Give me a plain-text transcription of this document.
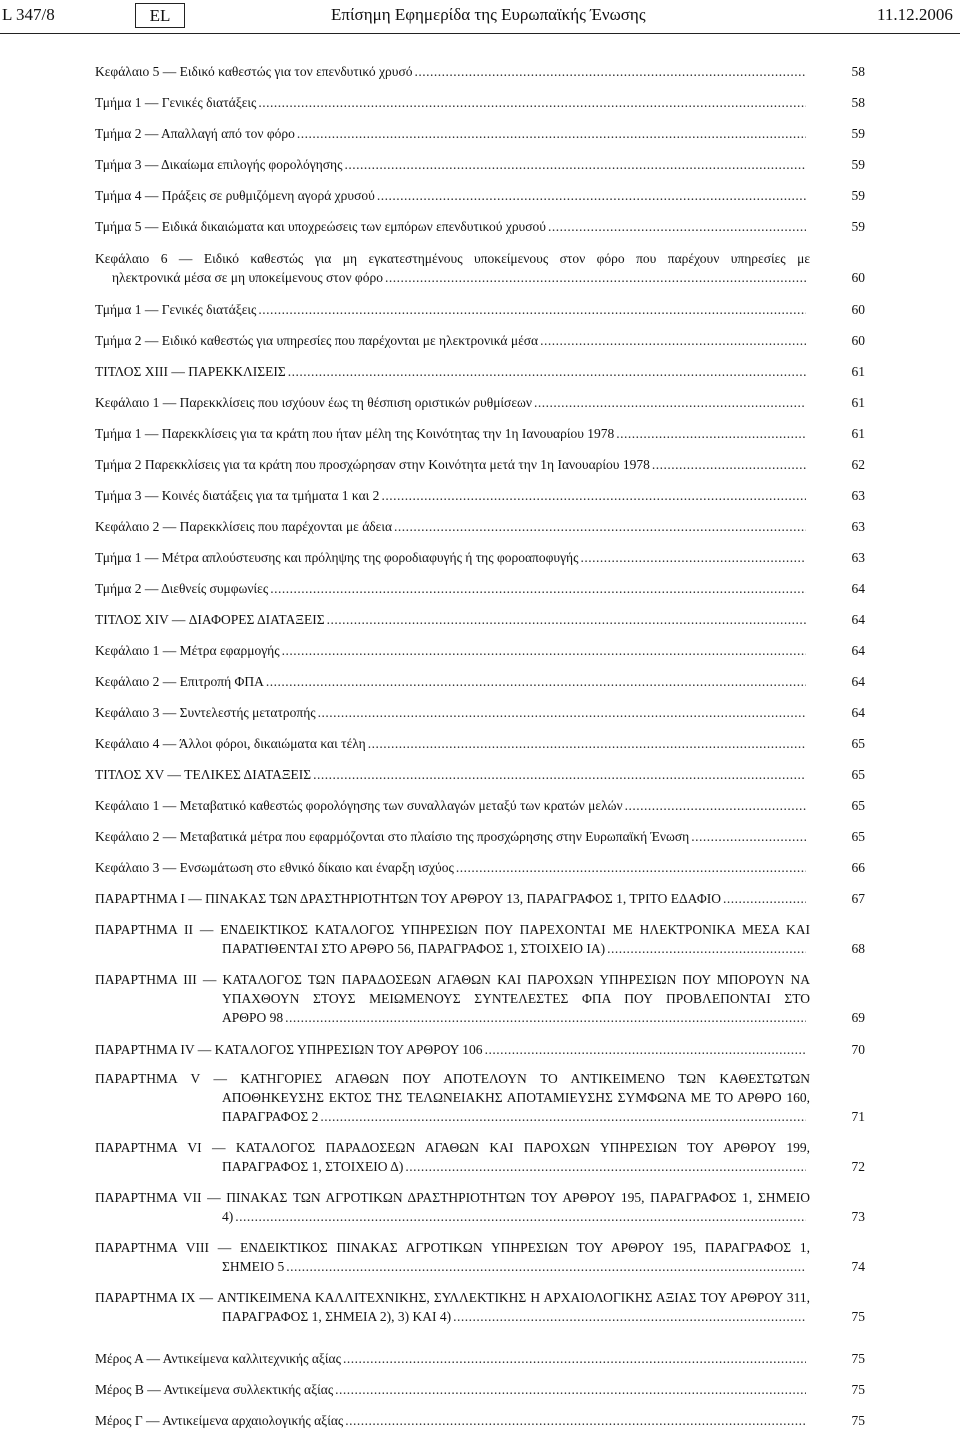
L 347/8	EL	Επίσημη Εφημερίδα της Ευρωπαϊκής Ένωσης	11.12.2006
Κεφάλαιο 5 — Ειδικό καθεστώς για τον επενδυτικό χρυσό .....	58
Τμήμα 1 — Γενικές διατάξεις .....	58
Τμήμα 2 — Απαλλαγή από τον φόρο .....	59
Τμήμα 3 — Δικαίωμα επιλογής φορολόγησης .....	59
Τμήμα 4 — Πράξεις σε ρυθμιζόμενη αγορά χρυσού .....	59
Τμήμα 5 — Ειδικά δικαιώματα και υποχρεώσεις των εμπόρων επενδυτικού χρυσού .....	59
Κεφάλαιο 6 — Ειδικό καθεστώς για μη εγκατεστημένους υποκείμενους στον φόρο που παρέχουν υπηρεσίες με
ηλεκτρονικά μέσα σε μη υποκείμενους στον φόρο .....	60
Τμήμα 1 — Γενικές διατάξεις .....	60
Τμήμα 2 — Ειδικό καθεστώς για υπηρεσίες που παρέχονται με ηλεκτρονικά μέσα .....	60
ΤΙΤΛΟΣ XIII — ΠΑΡΕΚΚΛΙΣΕΙΣ .....	61
Κεφάλαιο 1 — Παρεκκλίσεις που ισχύουν έως τη θέσπιση οριστικών ρυθμίσεων .....	61
Τμήμα 1 — Παρεκκλίσεις για τα κράτη που ήταν μέλη της Κοινότητας την 1η Ιανουαρίου 1978 .....	61
Τμήμα 2 Παρεκκλίσεις για τα κράτη που προσχώρησαν στην Κοινότητα μετά την 1η Ιανουαρίου 1978 .....	62
Τμήμα 3 — Κοινές διατάξεις για τα τμήματα 1 και 2 .....	63
Κεφάλαιο 2 — Παρεκκλίσεις που παρέχονται με άδεια .....	63
Τμήμα 1 — Μέτρα απλούστευσης και πρόληψης της φοροδιαφυγής ή της φοροαποφυγής .....	63
Τμήμα 2 — Διεθνείς συμφωνίες .....	64
ΤΙΤΛΟΣ XIV — ΔΙΑΦΟΡΕΣ ΔΙΑΤΑΞΕΙΣ .....	64
Κεφάλαιο 1 — Μέτρα εφαρμογής .....	64
Κεφάλαιο 2 — Επιτροπή ΦΠΑ .....	64
Κεφάλαιο 3 — Συντελεστής μετατροπής .....	64
Κεφάλαιο 4 — Άλλοι φόροι, δικαιώματα και τέλη .....	65
ΤΙΤΛΟΣ XV — ΤΕΛΙΚΕΣ ΔΙΑΤΑΞΕΙΣ .....	65
Κεφάλαιο 1 — Μεταβατικό καθεστώς φορολόγησης των συναλλαγών μεταξύ των κρατών μελών .....	65
Κεφάλαιο 2 — Μεταβατικά μέτρα που εφαρμόζονται στο πλαίσιο της προσχώρησης στην Ευρωπαϊκή Ένωση .....	65
Κεφάλαιο 3 — Ενσωμάτωση στο εθνικό δίκαιο και έναρξη ισχύος .....	66
ΠΑΡΑΡΤΗΜΑ I — ΠΙΝΑΚΑΣ ΤΩΝ ΔΡΑΣΤΗΡΙΟΤΗΤΩΝ ΤΟΥ ΑΡΘΡΟΥ 13, ΠΑΡΑΓΡΑΦΟΣ 1, ΤΡΙΤΟ ΕΔΑΦΙΟ .....	67
ΠΑΡΑΡΤΗΜΑ II — ΕΝΔΕΙΚΤΙΚΟΣ ΚΑΤΑΛΟΓΟΣ ΥΠΗΡΕΣΙΩΝ ΠΟΥ ΠΑΡΕΧΟΝΤΑΙ ΜΕ ΗΛΕΚΤΡΟΝΙΚΑ ΜΕΣΑ ΚΑΙ
ΠΑΡΑΤΙΘΕΝΤΑΙ ΣΤΟ ΑΡΘΡΟ 56, ΠΑΡΑΓΡΑΦΟΣ 1, ΣΤΟΙΧΕΙΟ ΙΑ) .....	68
ΠΑΡΑΡΤΗΜΑ III — ΚΑΤΑΛΟΓΟΣ ΤΩΝ ΠΑΡΑΔΟΣΕΩΝ ΑΓΑΘΩΝ ΚΑΙ ΠΑΡΟΧΩΝ ΥΠΗΡΕΣΙΩΝ ΠΟΥ ΜΠΟΡΟΥΝ ΝΑ
ΥΠΑΧΘΟΥΝ ΣΤΟΥΣ ΜΕΙΩΜΕΝΟΥΣ ΣΥΝΤΕΛΕΣΤΕΣ ΦΠΑ ΠΟΥ ΠΡΟΒΛΕΠΟΝΤΑΙ ΣΤΟ
ΑΡΘΡΟ 98 .....	69
ΠΑΡΑΡΤΗΜΑ IV — ΚΑΤΑΛΟΓΟΣ ΥΠΗΡΕΣΙΩΝ ΤΟΥ ΑΡΘΡΟΥ 106 .....	70
ΠΑΡΑΡΤΗΜΑ V — ΚΑΤΗΓΟΡΙΕΣ ΑΓΑΘΩΝ ΠΟΥ ΑΠΟΤΕΛΟΥΝ ΤΟ ΑΝΤΙΚΕΙΜΕΝΟ ΤΩΝ ΚΑΘΕΣΤΩΤΩΝ
ΑΠΟΘΗΚΕΥΣΗΣ ΕΚΤΟΣ ΤΗΣ ΤΕΛΩΝΕΙΑΚΗΣ ΑΠΟΤΑΜΙΕΥΣΗΣ ΣΥΜΦΩΝΑ ΜΕ ΤΟ ΑΡΘΡΟ 160,
ΠΑΡΑΓΡΑΦΟΣ 2 .....	71
ΠΑΡΑΡΤΗΜΑ VI — ΚΑΤΑΛΟΓΟΣ ΠΑΡΑΔΟΣΕΩΝ ΑΓΑΘΩΝ ΚΑΙ ΠΑΡΟΧΩΝ ΥΠΗΡΕΣΙΩΝ ΤΟΥ ΑΡΘΡΟΥ 199,
ΠΑΡΑΓΡΑΦΟΣ 1, ΣΤΟΙΧΕΙΟ Δ) .....	72
ΠΑΡΑΡΤΗΜΑ VII — ΠΙΝΑΚΑΣ ΤΩΝ ΑΓΡΟΤΙΚΩΝ ΔΡΑΣΤΗΡΙΟΤΗΤΩΝ ΤΟΥ ΑΡΘΡΟΥ 195, ΠΑΡΑΓΡΑΦΟΣ 1, ΣΗΜΕΙΟ
4) .....	73
ΠΑΡΑΡΤΗΜΑ VIII — ΕΝΔΕΙΚΤΙΚΟΣ ΠΙΝΑΚΑΣ ΑΓΡΟΤΙΚΩΝ ΥΠΗΡΕΣΙΩΝ ΤΟΥ ΑΡΘΡΟΥ 195, ΠΑΡΑΓΡΑΦΟΣ 1,
ΣΗΜΕΙΟ 5 .....	74
ΠΑΡΑΡΤΗΜΑ IX — ΑΝΤΙΚΕΙΜΕΝΑ ΚΑΛΛΙΤΕΧΝΙΚΗΣ, ΣΥΛΛΕΚΤΙΚΗΣ Η ΑΡΧΑΙΟΛΟΓΙΚΗΣ ΑΞΙΑΣ ΤΟΥ ΑΡΘΡΟΥ 311,
ΠΑΡΑΓΡΑΦΟΣ 1, ΣΗΜΕΙΑ 2), 3) ΚΑΙ 4) .....	75
Μέρος Α — Αντικείμενα καλλιτεχνικής αξίας .....	75
Μέρος Β — Αντικείμενα συλλεκτικής αξίας .....	75
Μέρος Γ — Αντικείμενα αρχαιολογικής αξίας .....	75
